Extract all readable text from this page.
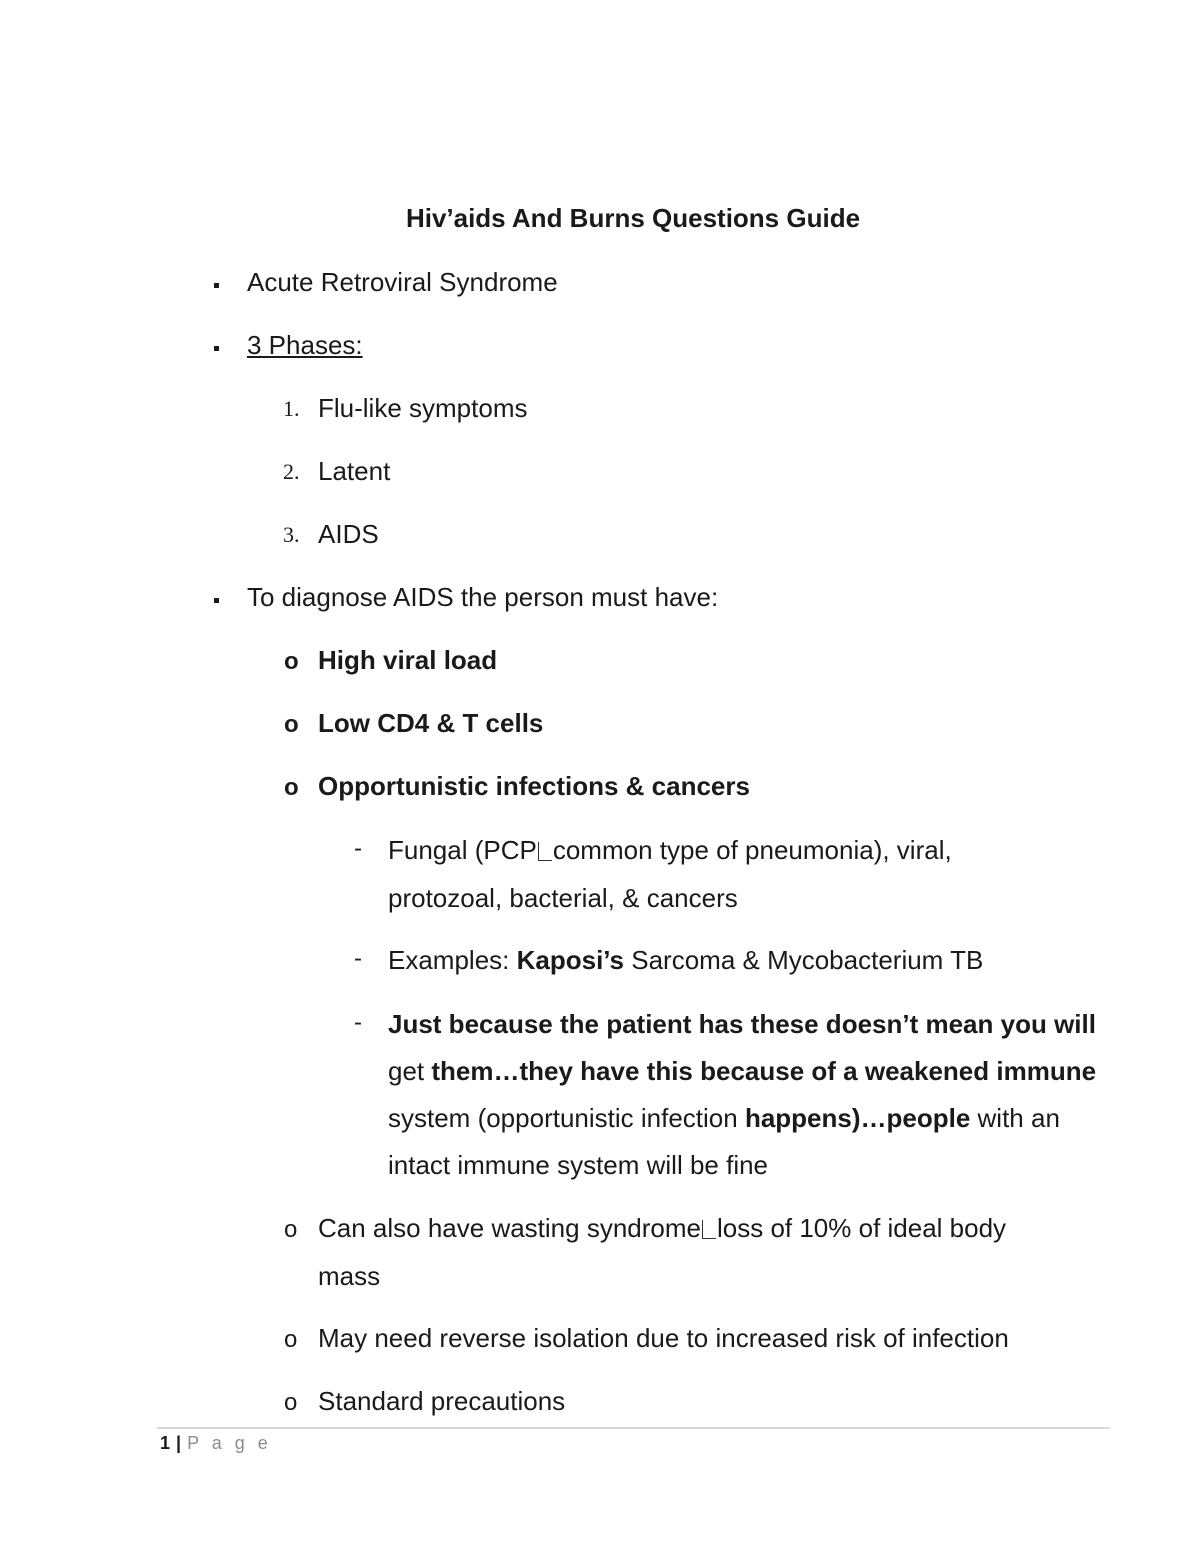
Hiv’aids And Burns Questions Guide
Acute Retroviral Syndrome
3 Phases:
1. Flu-like symptoms
2. Latent
3. AIDS
To diagnose AIDS the person must have:
o High viral load
o Low CD4 & T cells
o Opportunistic infections & cancers
- Fungal (PCP common type of pneumonia), viral,
protozoal, bacterial, & cancers
- Examples: Kaposi’s Sarcoma & Mycobacterium TB
- Just because the patient has these doesn’t mean you will
get them…they have this because of a weakened immune
system (opportunistic infection happens)…people with an
intact immune system will be fine
o Can also have wasting syndrome loss of 10% of ideal body
mass
o May need reverse isolation due to increased risk of infection
o Standard precautions
1 | P a g e
